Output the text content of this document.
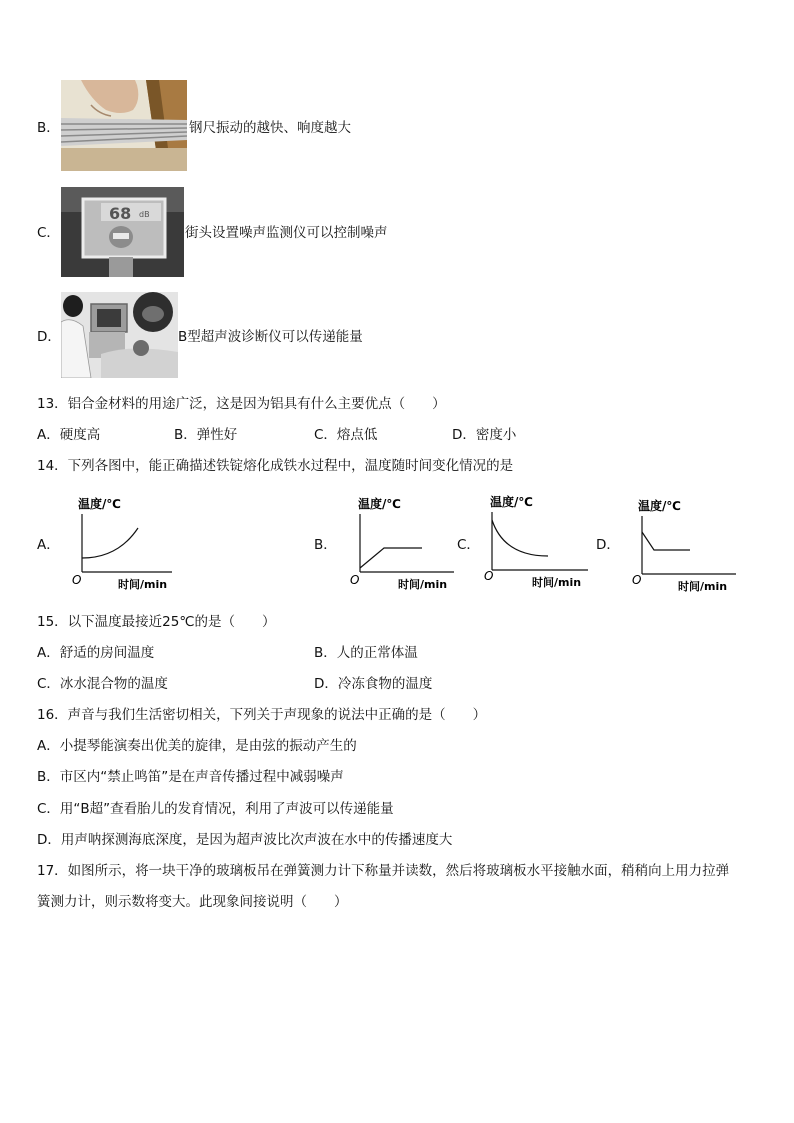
B．	钢尺振动的越快、响度越大
C．
68 dB
街头设置噪声监测仪可以控制噪声
D．	B型超声波诊断仪可以传递能量
13．铝合金材料的用途广泛，这是因为铝具有什么主要优点（　　）
A．硬度高	B．弹性好	C．熔点低	D．密度小
14．下列各图中，能正确描述铁锭熔化成铁水过程中，温度随时间变化情况的是
A．
温度/℃
O	时间/min
B．
温度/℃
O	时间/min
C．
温度/℃
O	时间/min
D．
温度/℃
O	时间/min
15．以下温度最接近25℃的是（　　）
A．舒适的房间温度	B．人的正常体温
C．冰水混合物的温度	D．冷冻食物的温度
16．声音与我们生活密切相关，下列关于声现象的说法中正确的是（　　）
A．小提琴能演奏出优美的旋律，是由弦的振动产生的
B．市区内“禁止鸣笛”是在声音传播过程中减弱噪声
C．用“B超”查看胎儿的发育情况，利用了声波可以传递能量
D．用声呐探测海底深度，是因为超声波比次声波在水中的传播速度大
17．如图所示，将一块干净的玻璃板吊在弹簧测力计下称量并读数，然后将玻璃板水平接触水面，稍稍向上用力拉弹
簧测力计，则示数将变大。此现象间接说明（　　）
